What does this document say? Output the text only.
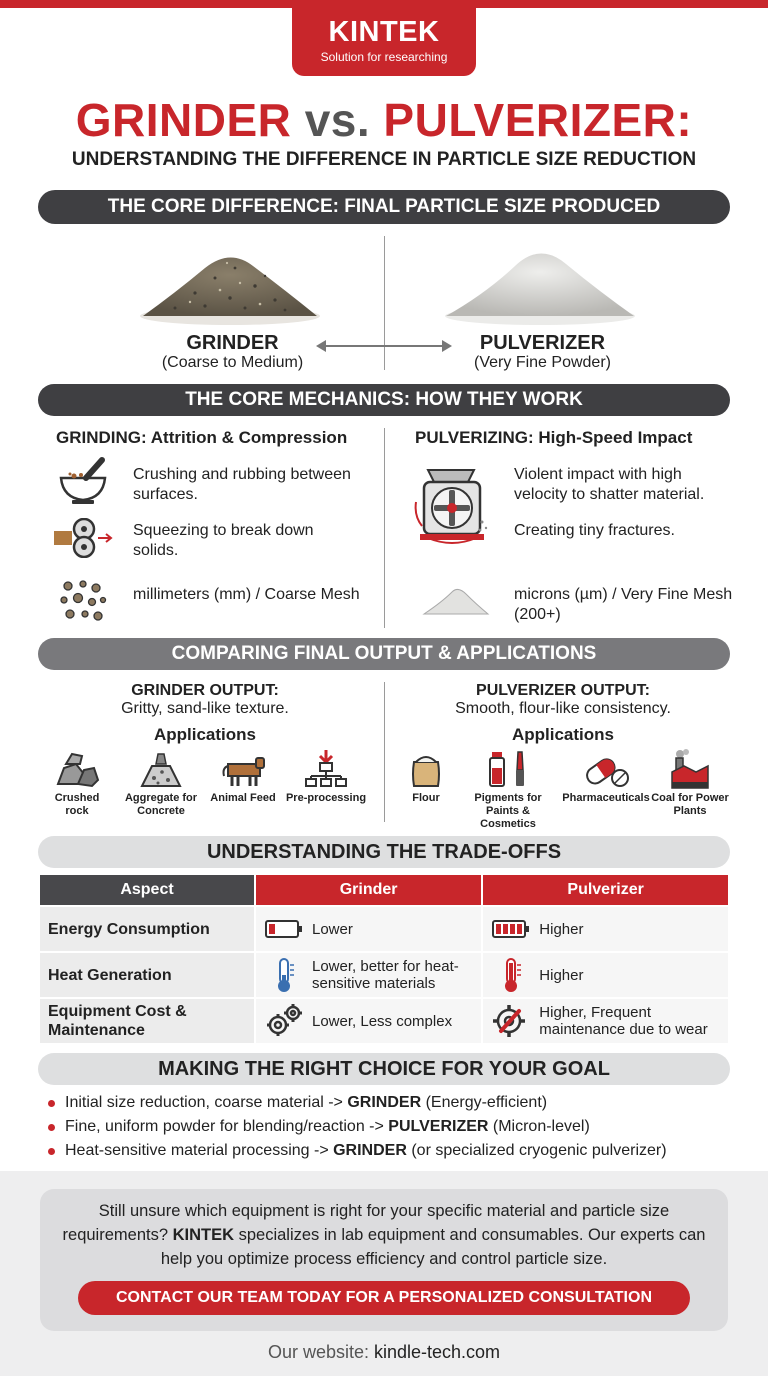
KINTEK
Solution for researching
GRINDER vs. PULVERIZER:
UNDERSTANDING THE DIFFERENCE IN PARTICLE SIZE REDUCTION
THE CORE DIFFERENCE: FINAL PARTICLE SIZE PRODUCED
GRINDER
(Coarse to Medium)
PULVERIZER
(Very Fine Powder)
THE CORE MECHANICS: HOW THEY WORK
GRINDING: Attrition & Compression	PULVERIZING: High-Speed Impact
Crushing and rubbing between surfaces.
Squeezing to break down solids.
millimeters (mm) / Coarse Mesh
Violent impact with high velocity to shatter material.
Creating tiny fractures.
microns (µm) / Very Fine Mesh (200+)
COMPARING FINAL OUTPUT & APPLICATIONS
GRINDER OUTPUT:
Gritty, sand-like texture.
Applications
PULVERIZER OUTPUT:
Smooth, flour-like consistency.
Applications
Crushed rock
Aggregate for Concrete
Animal Feed Pre-processing	Flour	Pigments for Paints & Cosmetics
Pharmaceuticals Coal for Power Plants
UNDERSTANDING THE TRADE-OFFS
Aspect	Grinder	Pulverizer
Energy Consumption	Lower	Higher

Heat Generation	Lower, better for heat-sensitive materials	Higher

Equipment Cost & Maintenance	Lower, Less complex	Higher, Frequent maintenance due to wear
MAKING THE RIGHT CHOICE FOR YOUR GOAL
Initial size reduction, coarse material -> GRINDER (Energy-efficient)
Fine, uniform powder for blending/reaction -> PULVERIZER (Micron-level)
Heat-sensitive material processing -> GRINDER (or specialized cryogenic pulverizer)
Still unsure which equipment is right for your specific material and particle size requirements? KINTEK specializes in lab equipment and consumables. Our experts can help you optimize process efficiency and control particle size.
CONTACT OUR TEAM TODAY FOR A PERSONALIZED CONSULTATION
Our website: kindle-tech.com
